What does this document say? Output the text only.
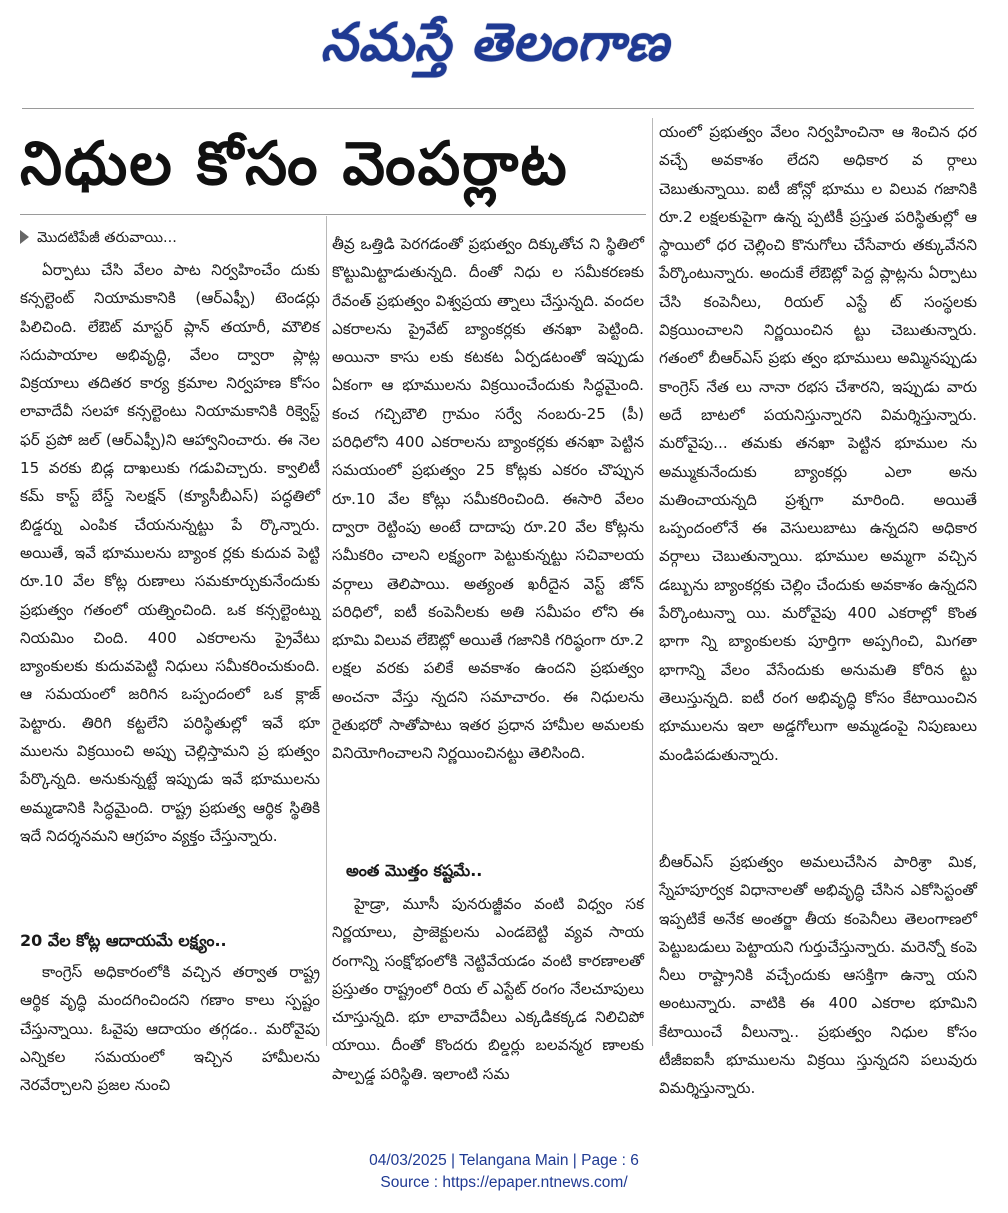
నమస్తే తెలంగాణ
నిధుల కోసం వెంపర్లాట
మొదటిపేజీ తరువాయి...

ఏర్పాటు చేసి వేలం పాట నిర్వహించేం దుకు కన్సల్టెంట్ నియామకానికి (ఆర్ఎఫ్పీ) టెండర్లు పిలిచింది. లేఔట్ మాస్టర్ ప్లాన్ తయారీ, మౌలిక సదుపాయాల అభివృద్ధి, వేలం ద్వారా ప్లాట్ల విక్రయాలు తదితర కార్య క్రమాల నిర్వహణ కోసం లావాదేవీ సలహా కన్సల్టెంటు నియామకానికి రిక్వెస్ట్ ఫర్ ప్రపో జల్ (ఆర్ఎఫ్పీ)ని ఆహ్వానించారు. ఈ నెల 15 వరకు బిడ్ల దాఖలుకు గడువిచ్చారు. క్వాలిటీ కమ్ కాస్ట్ బేస్డ్ సెలక్షన్ (క్యూసీబీఎస్) పద్ధతిలో బిడ్డర్ను ఎంపిక చేయనున్నట్టు పే ర్కొన్నారు. అయితే, ఇవే భూములను బ్యాంక ర్లకు కుదువ పెట్టి రూ.10 వేల కోట్ల రుణాలు సమకూర్చుకునేందుకు ప్రభుత్వం గతంలో యత్నించింది. ఒక కన్సల్టెంట్ను నియమిం చింది. 400 ఎకరాలను ప్రైవేటు బ్యాంకులకు కుదువపెట్టి నిధులు సమీకరించుకుంది. ఆ సమయంలో జరిగిన ఒప్పందంలో ఒక క్లాజ్ పెట్టారు. తిరిగి కట్టలేని పరిస్థితుల్లో ఇవే భూ ములను విక్రయించి అప్పు చెల్లిస్తామని ప్ర భుత్వం పేర్కొన్నది. అనుకున్నట్టే ఇప్పుడు ఇవే భూములను అమ్మడానికి సిద్ధమైంది. రాష్ట్ర ప్రభుత్వ ఆర్థిక స్థితికి ఇదే నిదర్శనమని ఆగ్రహం వ్యక్తం చేస్తున్నారు.

20 వేల కోట్ల ఆదాయమే లక్ష్యం..

కాంగ్రెస్ అధికారంలోకి వచ్చిన తర్వాత రాష్ట్ర ఆర్థిక వృద్ధి మందగించిందని గణాం కాలు స్పష్టం చేస్తున్నాయి. ఓవైపు ఆదాయం తగ్గడం.. మరోవైపు ఎన్నికల సమయంలో ఇచ్చిన హామీలను నెరవేర్చాలని ప్రజల నుంచి

తీవ్ర ఒత్తిడి పెరగడంతో ప్రభుత్వం దిక్కుతోచ ని స్థితిలో కొట్టుమిట్టాడుతున్నది. దీంతో నిధు ల సమీకరణకు రేవంత్ ప్రభుత్వం విశ్వప్రయ త్నాలు చేస్తున్నది. వందల ఎకరాలను ప్రైవేట్ బ్యాంకర్లకు తనఖా పెట్టింది. అయినా కాసు లకు కటకట ఏర్పడటంతో ఇప్పుడు ఏకంగా ఆ భూములను విక్రయించేందుకు సిద్ధమైంది. కంచ గచ్చిబౌలి గ్రామం సర్వే నంబరు-25 (పీ) పరిధిలోని 400 ఎకరాలను బ్యాంకర్లకు తనఖా పెట్టిన సమయంలో ప్రభుత్వం 25 కోట్లకు ఎకరం చొప్పున రూ.10 వేల కోట్లు సమీకరించింది. ఈసారి వేలం ద్వారా రెట్టింపు అంటే దాదాపు రూ.20 వేల కోట్లను సమీకరిం చాలని లక్ష్యంగా పెట్టుకున్నట్టు సచివాలయ వర్గాలు తెలిపాయి. అత్యంత ఖరీదైన వెస్ట్ జోన్ పరిధిలో, ఐటీ కంపెనీలకు అతి సమీపం లోని ఈ భూమి విలువ లేఔట్లో అయితే గజానికి గరిష్ఠంగా రూ.2 లక్షల వరకు పలికే అవకాశం ఉందని ప్రభుత్వం అంచనా వేస్తు న్నదని సమాచారం. ఈ నిధులను రైతుభరో సాతోపాటు ఇతర ప్రధాన హామీల అమలకు వినియోగించాలని నిర్ణయించినట్టు తెలిసింది.

అంత మొత్తం కష్టమే..

హైడ్రా, మూసీ పునరుజ్జీవం వంటి విధ్వం సక నిర్ణయాలు, ప్రాజెక్టులను ఎండబెట్టి వ్యవ సాయ రంగాన్ని సంక్షోభంలోకి నెట్టివేయడం వంటి కారణాలతో ప్రస్తుతం రాష్ట్రంలో రియ ల్ ఎస్టేట్ రంగం నేలచూపులు చూస్తున్నది. భూ లావాదేవీలు ఎక్కడికక్కడ నిలిచిపో యాయి. దీంతో కొందరు బిల్డర్లు బలవన్మర ణాలకు పాల్పడ్డ పరిస్థితి. ఇలాంటి సమ

యంలో ప్రభుత్వం వేలం నిర్వహించినా ఆ శించిన ధర వచ్చే అవకాశం లేదని అధికార వ ర్గాలు చెబుతున్నాయి. ఐటీ జోన్లో భూము ల విలువ గజానికి రూ.2 లక్షలకుపైగా ఉన్న ప్పటికీ ప్రస్తుత పరిస్థితుల్లో ఆ స్థాయిలో ధర చెల్లించి కొనుగోలు చేసేవారు తక్కువేనని పేర్కొంటున్నారు. అందుకే లేఔట్లో పెద్ద ప్లాట్లను ఏర్పాటు చేసి కంపెనీలు, రియల్ ఎస్టే ట్ సంస్థలకు విక్రయించాలని నిర్ణయించిన ట్టు చెబుతున్నారు. గతంలో బీఆర్ఎస్ ప్రభు త్వం భూములు అమ్మినప్పుడు కాంగ్రెస్ నేత లు నానా రభస చేశారని, ఇప్పుడు వారు అదే బాటలో పయనిస్తున్నారని విమర్శిస్తున్నారు. మరోవైపు... తమకు తనఖా పెట్టిన భూముల ను అమ్ముకునేందుకు బ్యాంకర్లు ఎలా అను మతించాయన్నది ప్రశ్నగా మారింది. అయితే ఒప్పందంలోనే ఈ వెసులుబాటు ఉన్నదని అధికార వర్గాలు చెబుతున్నాయి. భూముల అమ్మగా వచ్చిన డబ్బును బ్యాంకర్లకు చెల్లిం చేందుకు అవకాశం ఉన్నదని పేర్కొంటున్నా యి. మరోవైపు 400 ఎకరాల్లో కొంత భాగా న్ని బ్యాంకులకు పూర్తిగా అప్పగించి, మిగతా భాగాన్ని వేలం వేసేందుకు అనుమతి కోరిన ట్టు తెలుస్తున్నది. ఐటీ రంగ అభివృద్ధి కోసం కేటాయించిన భూములను ఇలా అడ్డగోలుగా అమ్మడంపై నిపుణులు మండిపడుతున్నారు.

బీఆర్ఎస్ ప్రభుత్వం అమలుచేసిన పారిశ్రా మిక, స్నేహపూర్వక విధానాలతో అభివృద్ధి చేసిన ఎకోసిస్టంతో ఇప్పటికే అనేక అంతర్జా తీయ కంపెనీలు తెలంగాణలో పెట్టుబడులు పెట్టాయని గుర్తుచేస్తున్నారు. మరెన్నో కంపె నీలు రాష్ట్రానికి వచ్చేందుకు ఆసక్తిగా ఉన్నా యని అంటున్నారు. వాటికి ఈ 400 ఎకరాల భూమిని కేటాయించే వీలున్నా.. ప్రభుత్వం నిధుల కోసం టీజీఐఐసీ భూములను విక్రయి స్తున్నదని పలువురు విమర్శిస్తున్నారు.

04/03/2025 | Telangana Main | Page : 6
Source : https://epaper.ntnews.com/
